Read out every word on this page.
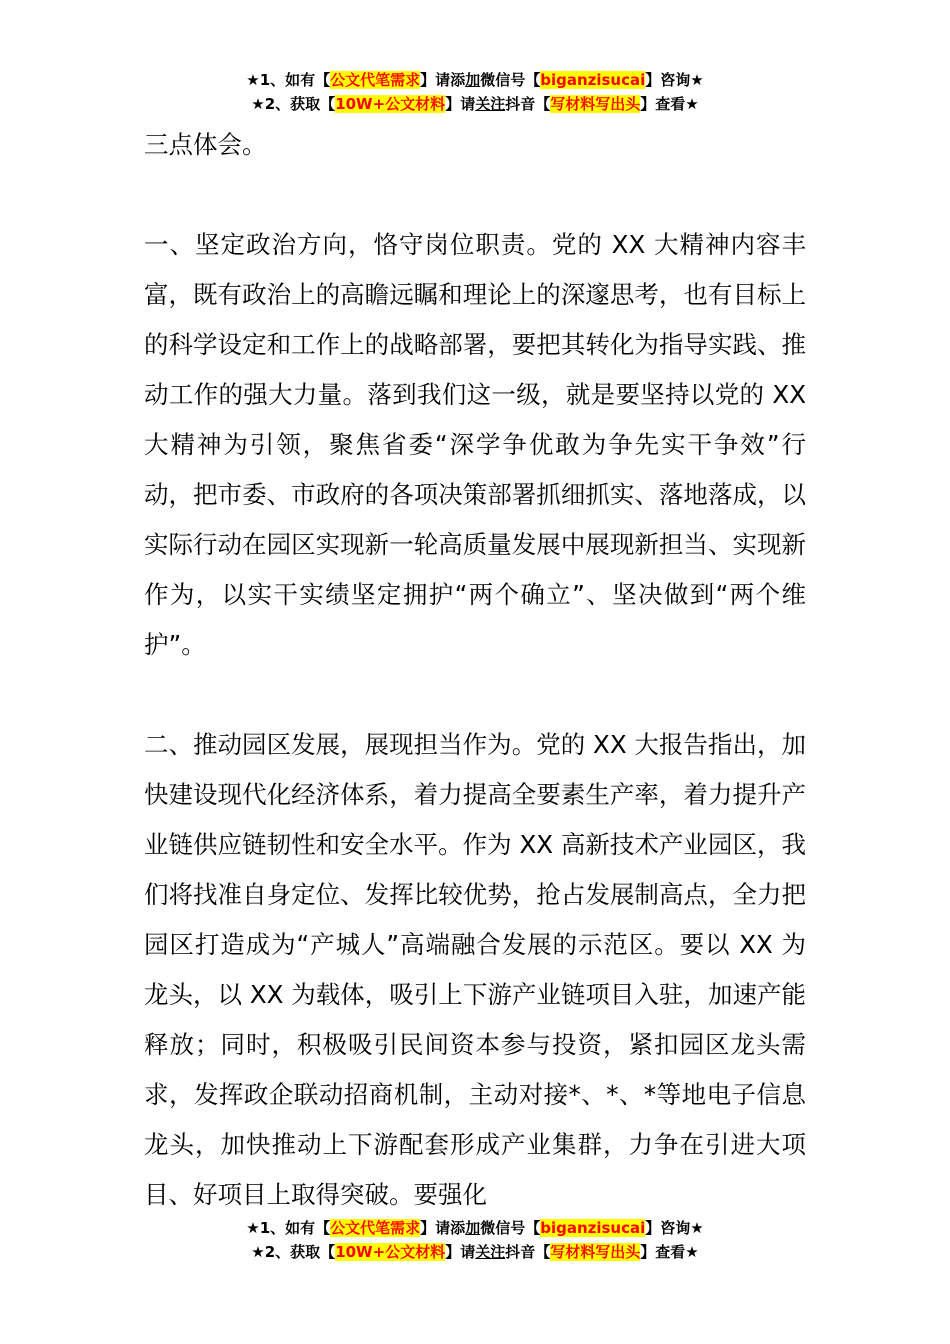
★1、如有【公文代笔需求】请添加微信号【biganzisucai】咨询★
★2、获取【10W+公文材料】请关注抖音【写材料写出头】查看★

三点体会。

一、坚定政治方向，恪守岗位职责。党的 XX 大精神内容丰富，既有政治上的高瞻远瞩和理论上的深邃思考，也有目标上的科学设定和工作上的战略部署，要把其转化为指导实践、推动工作的强大力量。落到我们这一级，就是要坚持以党的 XX 大精神为引领，聚焦省委“深学争优敢为争先实干争效”行动，把市委、市政府的各项决策部署抓细抓实、落地落成，以实际行动在园区实现新一轮高质量发展中展现新担当、实现新作为，以实干实绩坚定拥护“两个确立”、坚决做到“两个维护”。

二、推动园区发展，展现担当作为。党的 XX 大报告指出，加快建设现代化经济体系，着力提高全要素生产率，着力提升产业链供应链韧性和安全水平。作为 XX 高新技术产业园区，我们将找准自身定位、发挥比较优势，抢占发展制高点，全力把园区打造成为“产城人”高端融合发展的示范区。要以 XX 为龙头，以 XX 为载体，吸引上下游产业链项目入驻，加速产能释放；同时，积极吸引民间资本参与投资，紧扣园区龙头需求，发挥政企联动招商机制，主动对接*、*、*等地电子信息龙头，加快推动上下游配套形成产业集群，力争在引进大项目、好项目上取得突破。要强化

★1、如有【公文代笔需求】请添加微信号【biganzisucai】咨询★
★2、获取【10W+公文材料】请关注抖音【写材料写出头】查看★
